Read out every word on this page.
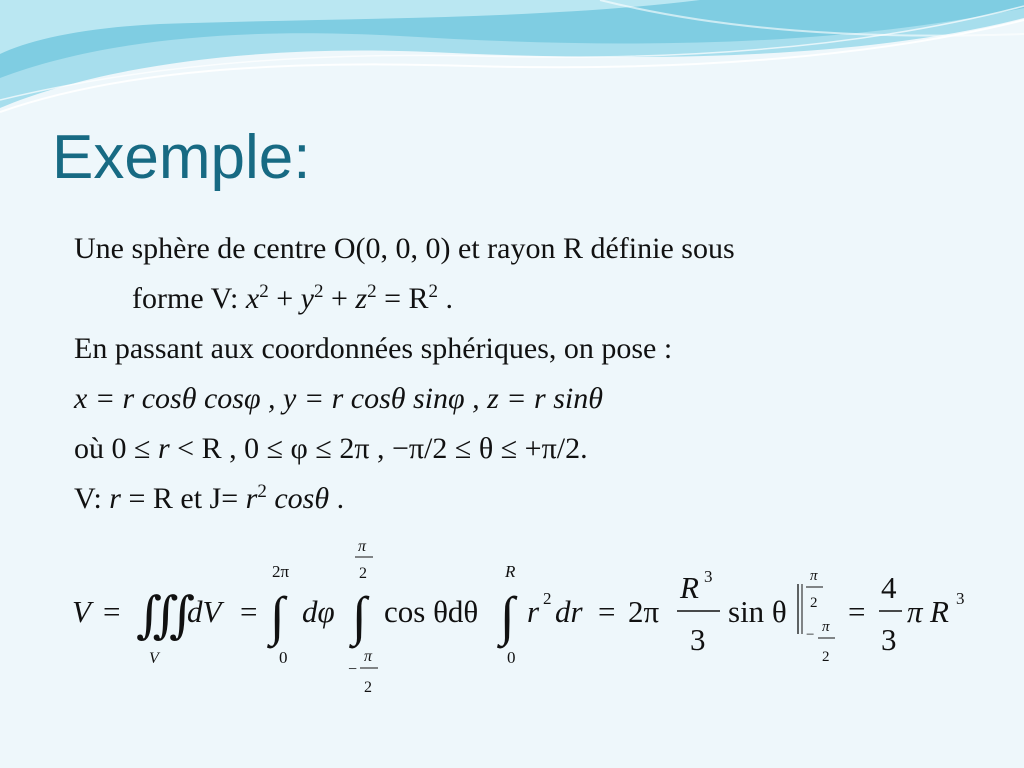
Exemple:
Une sphère de centre O(0, 0, 0) et rayon R définie sous
forme V: $x^2 + y^2 + z^2 = R^2$ .
En passant aux coordonnées sphériques, on pose :
x = r cosθ cosφ , y = r cosθ sinφ , z = r sinθ
où 0 ≤ r < R , 0 ≤ φ ≤ 2π , −π/2 ≤ θ ≤ +π/2.
V: r = R et $J= r^2$ cosθ .
V = ∭
V
dV =
2π
∫
0
dφ
π
2
∫
−
π
2
cos θdθ
R
∫
0
r 2 dr = 2π
R 3
3
sin θ
π
2
− π
2
=
4
3
π R 3
